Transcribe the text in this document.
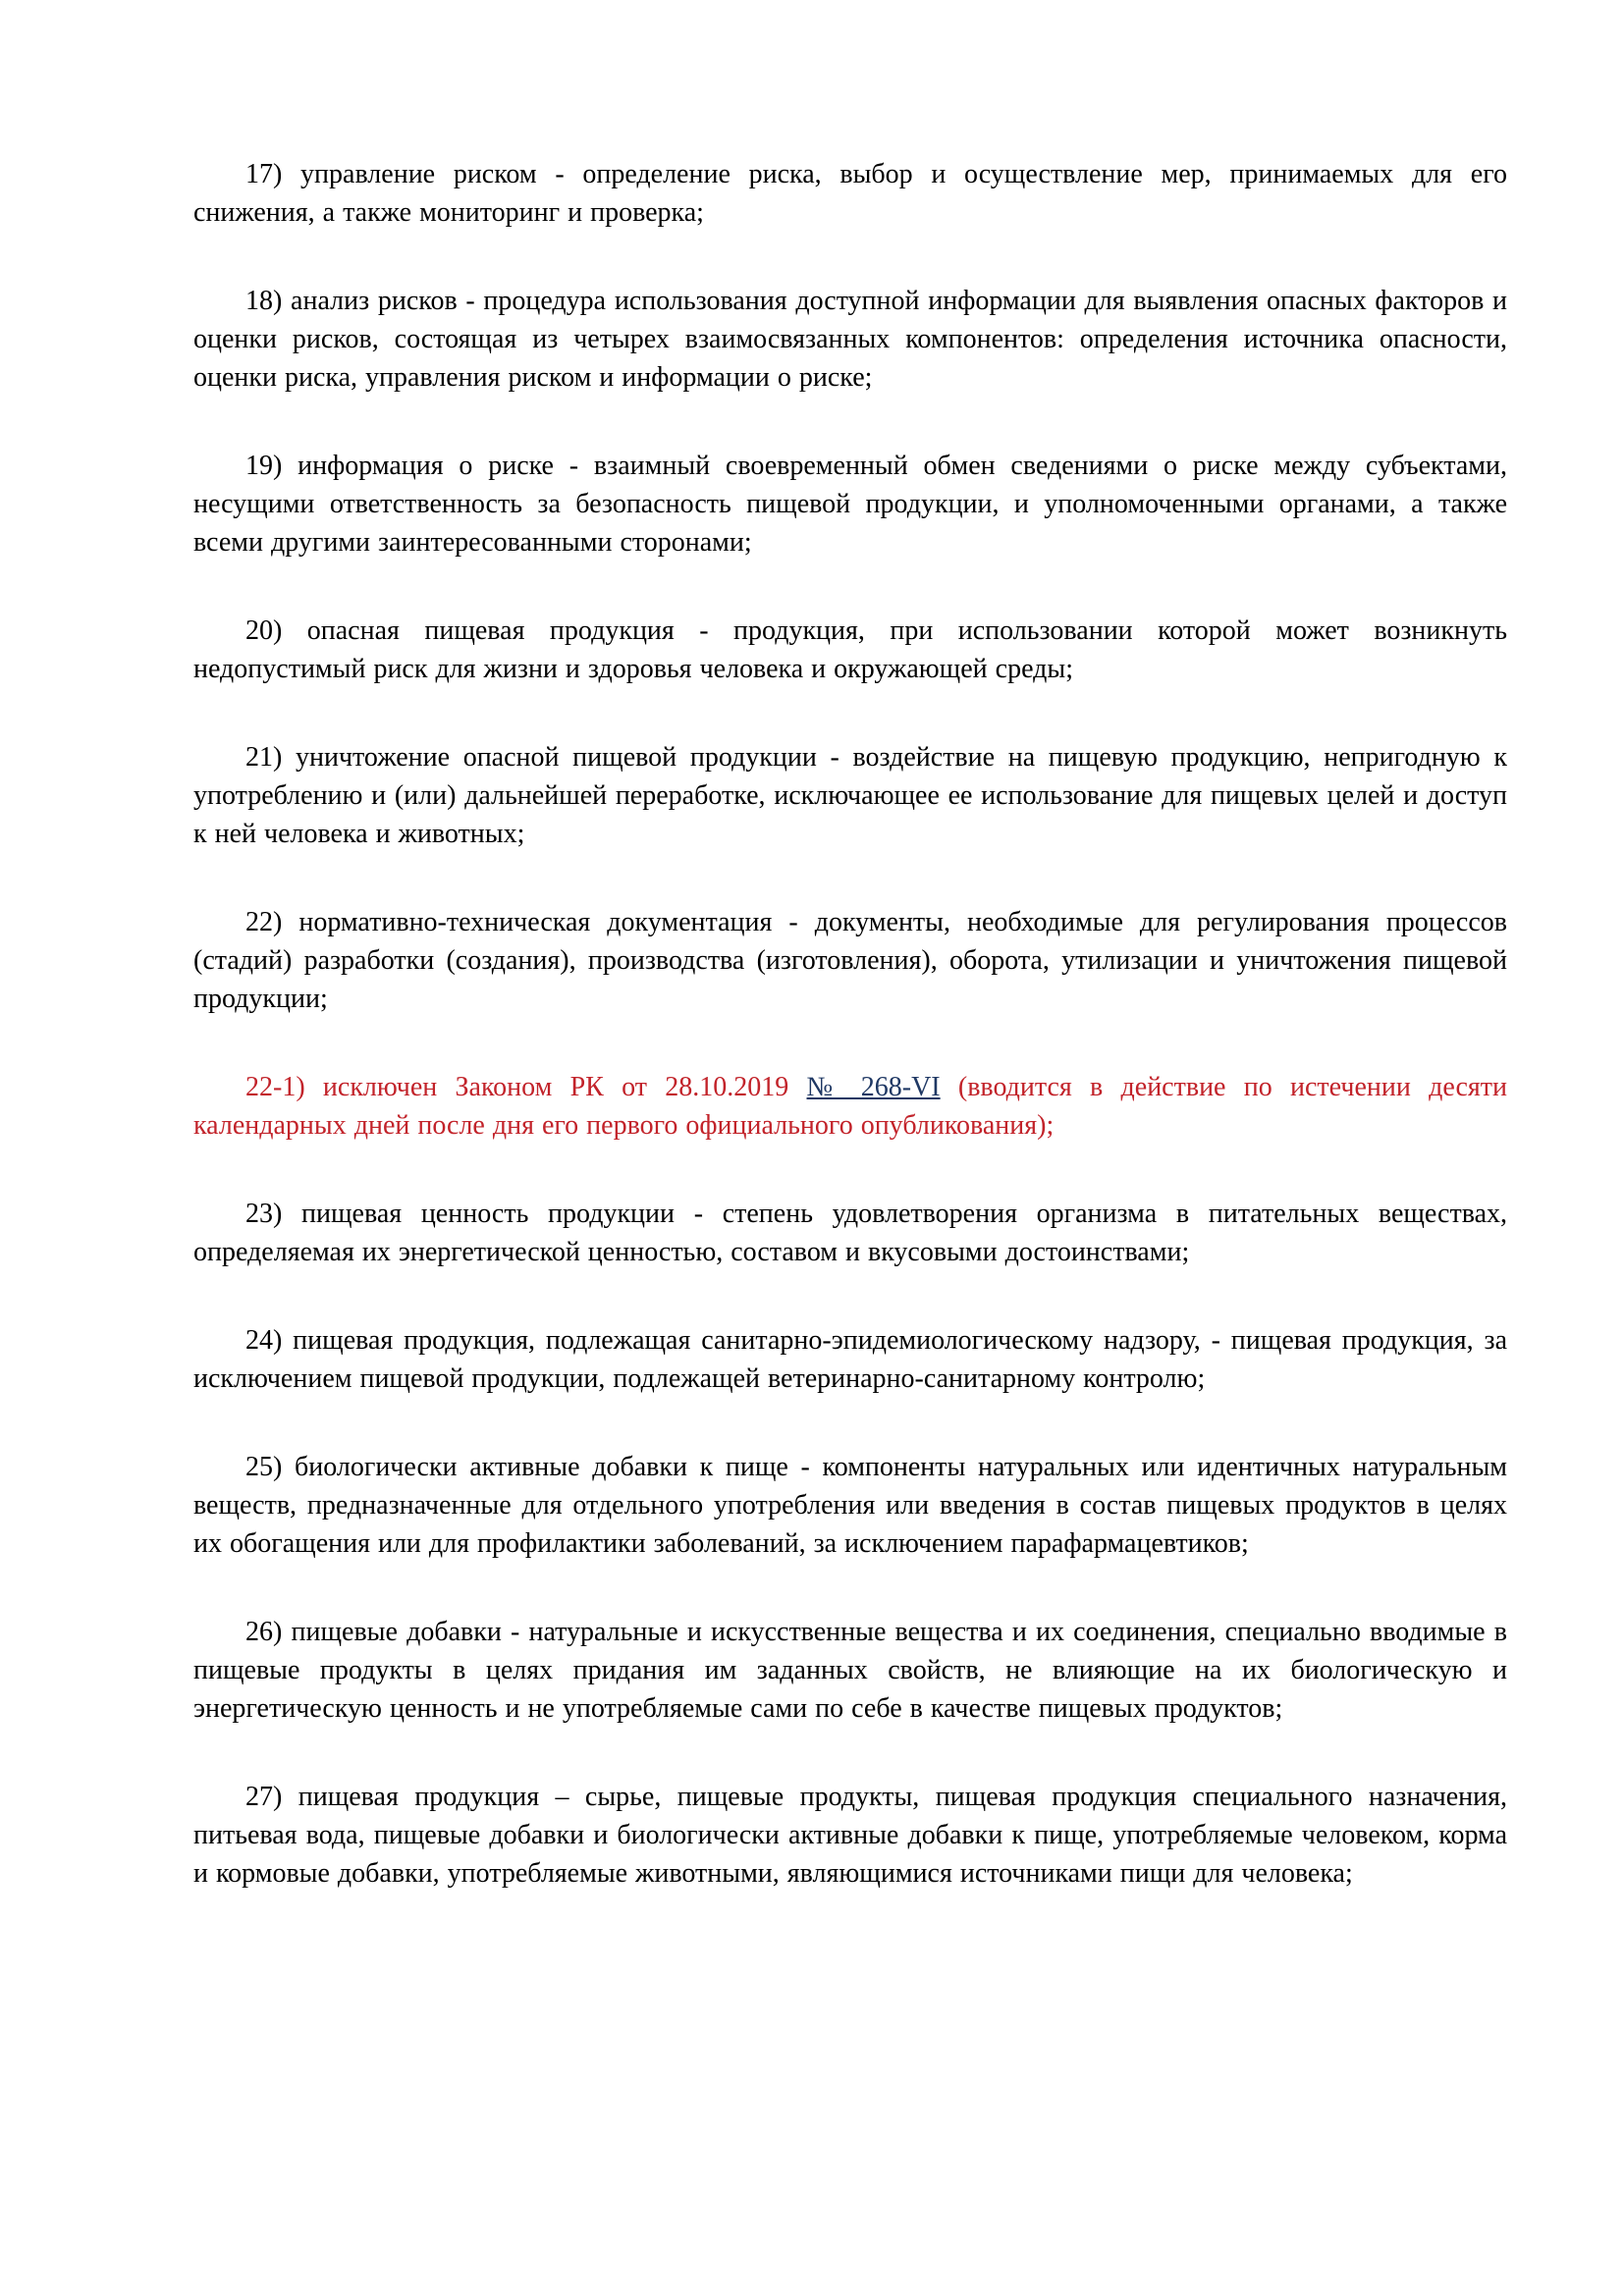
17) управление риском - определение риска, выбор и осуществление мер, принимаемых для его снижения, а также мониторинг и проверка;

18) анализ рисков - процедура использования доступной информации для выявления опасных факторов и оценки рисков, состоящая из четырех взаимосвязанных компонентов: определения источника опасности, оценки риска, управления риском и информации о риске;

19) информация о риске - взаимный своевременный обмен сведениями о риске между субъектами, несущими ответственность за безопасность пищевой продукции, и уполномоченными органами, а также всеми другими заинтересованными сторонами;

20) опасная пищевая продукция - продукция, при использовании которой может возникнуть недопустимый риск для жизни и здоровья человека и окружающей среды;

21) уничтожение опасной пищевой продукции - воздействие на пищевую продукцию, непригодную к употреблению и (или) дальнейшей переработке, исключающее ее использование для пищевых целей и доступ к ней человека и животных;

22) нормативно-техническая документация - документы, необходимые для регулирования процессов (стадий) разработки (создания), производства (изготовления), оборота, утилизации и уничтожения пищевой продукции;

22-1) исключен Законом РК от 28.10.2019 № 268-VI (вводится в действие по истечении десяти календарных дней после дня его первого официального опубликования);

23) пищевая ценность продукции - степень удовлетворения организма в питательных веществах, определяемая их энергетической ценностью, составом и вкусовыми достоинствами;

24) пищевая продукция, подлежащая санитарно-эпидемиологическому надзору, - пищевая продукция, за исключением пищевой продукции, подлежащей ветеринарно-санитарному контролю;

25) биологически активные добавки к пище - компоненты натуральных или идентичных натуральным веществ, предназначенные для отдельного употребления или введения в состав пищевых продуктов в целях их обогащения или для профилактики заболеваний, за исключением парафармацевтиков;

26) пищевые добавки - натуральные и искусственные вещества и их соединения, специально вводимые в пищевые продукты в целях придания им заданных свойств, не влияющие на их биологическую и энергетическую ценность и не употребляемые сами по себе в качестве пищевых продуктов;

27) пищевая продукция – сырье, пищевые продукты, пищевая продукция специального назначения, питьевая вода, пищевые добавки и биологически активные добавки к пище, употребляемые человеком, корма и кормовые добавки, употребляемые животными, являющимися источниками пищи для человека;
